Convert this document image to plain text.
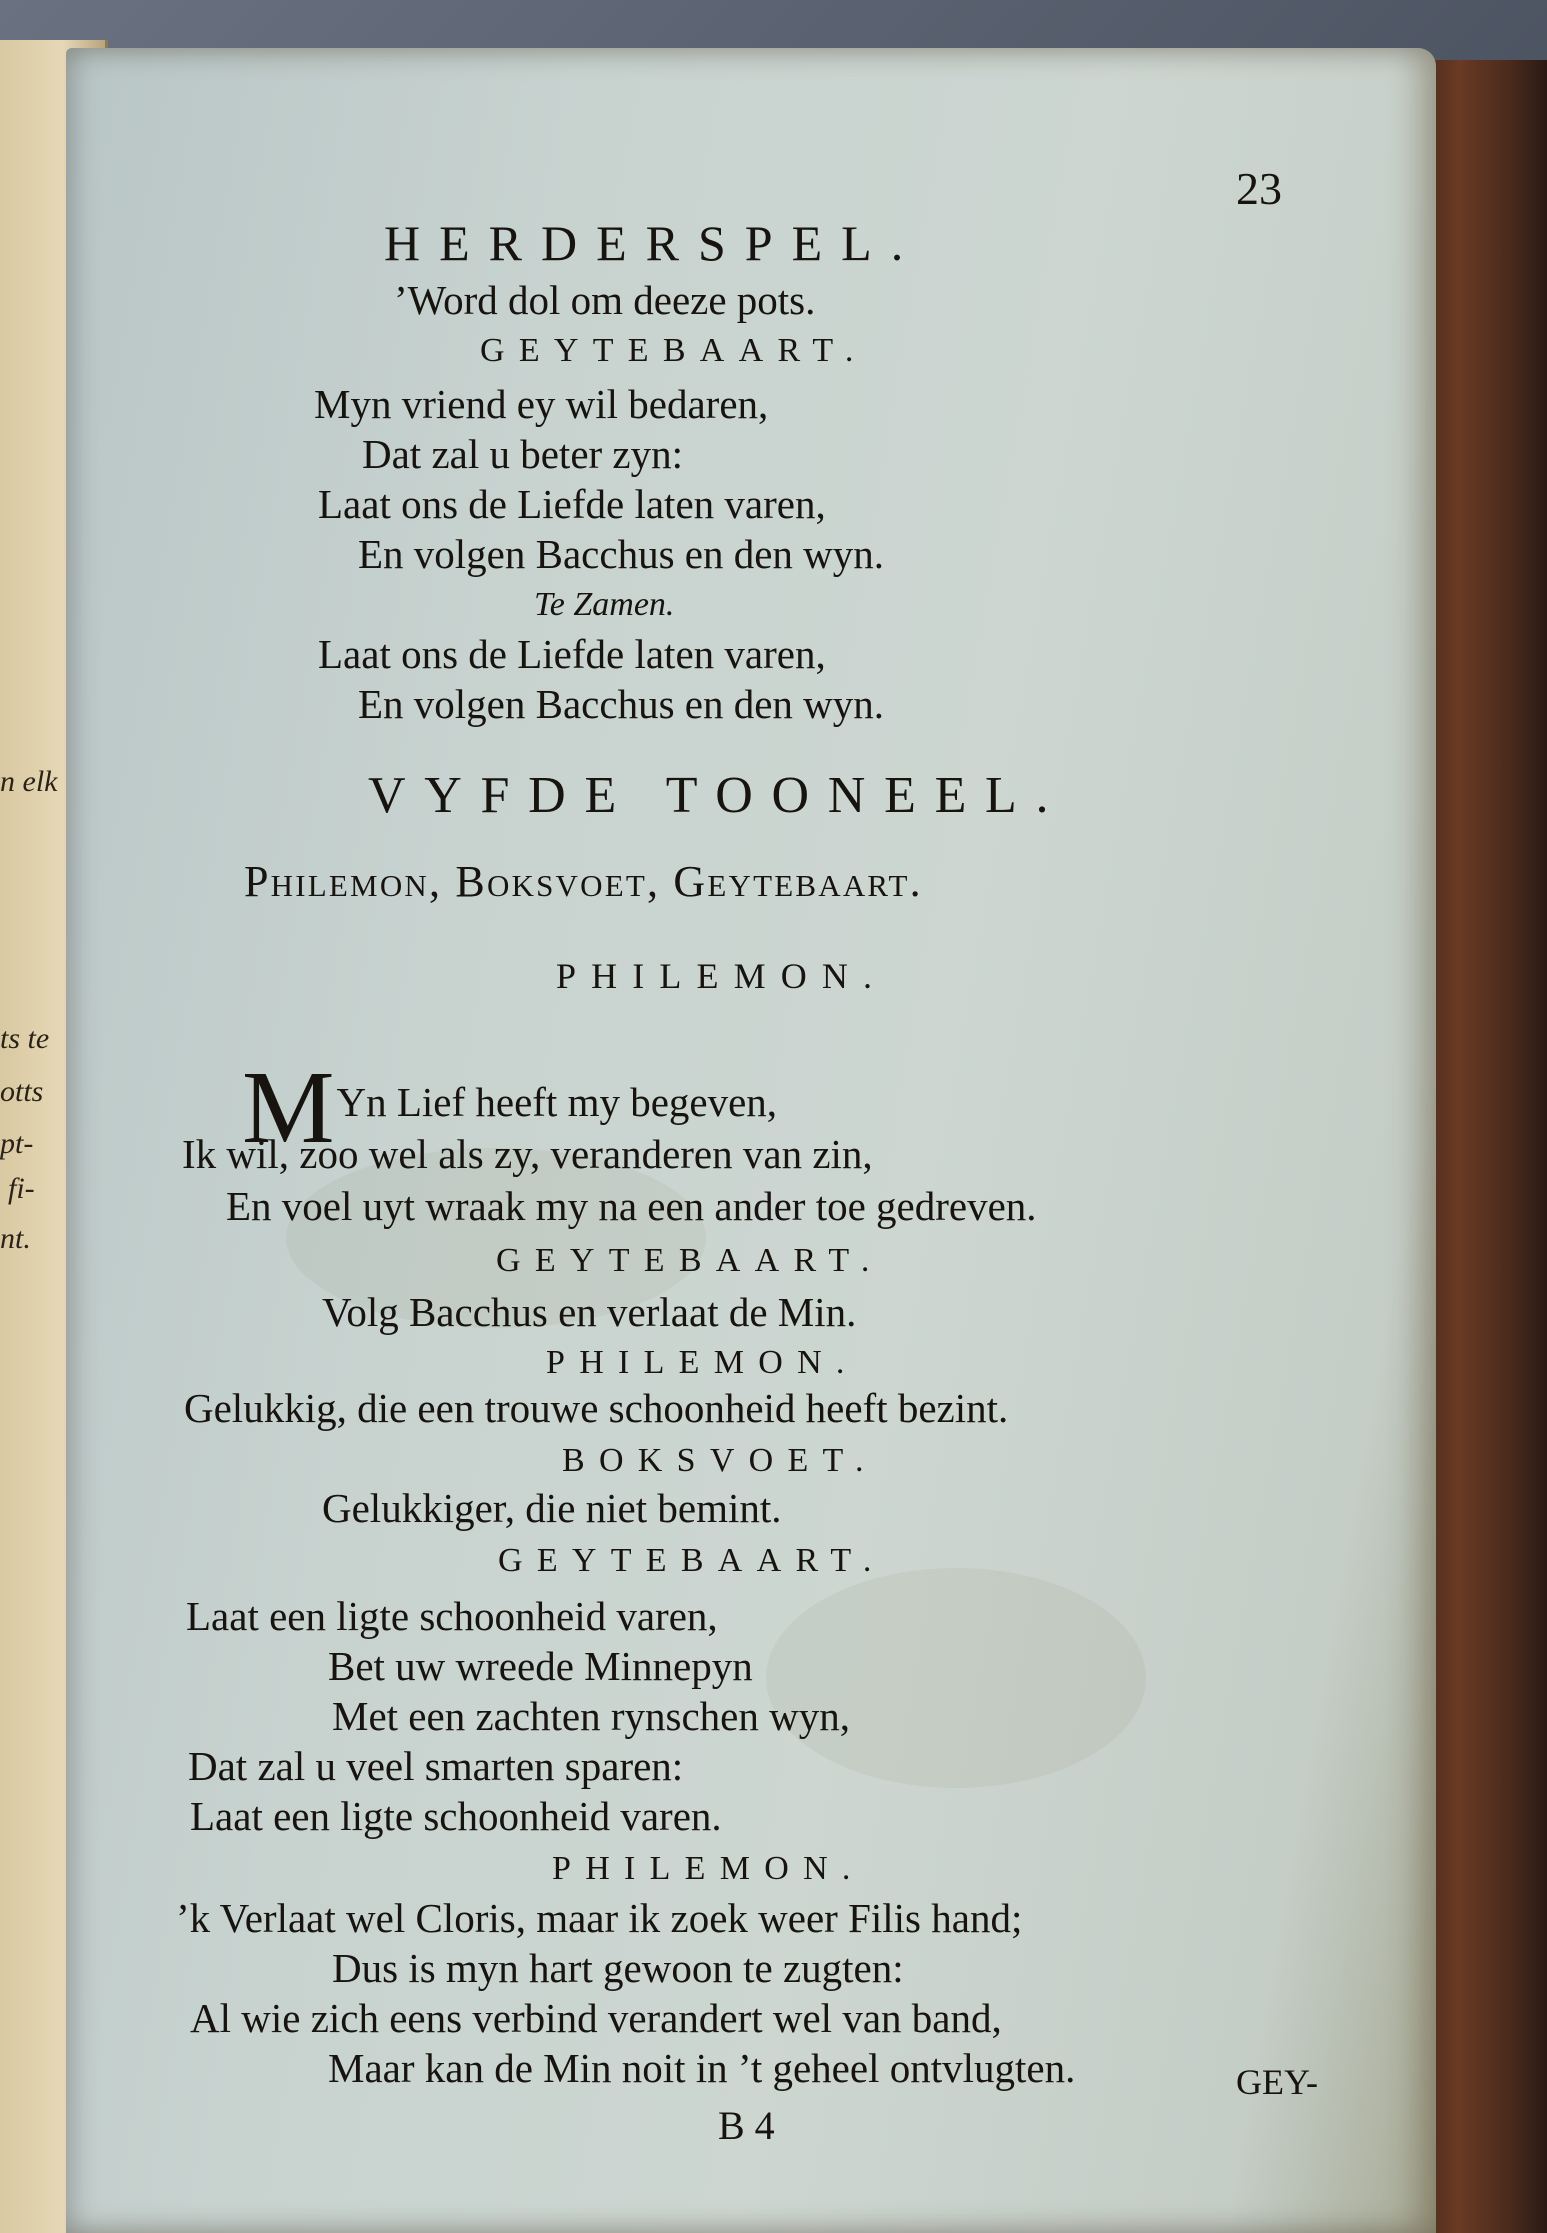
n elk
ts te
otts
pt-
fi-
nt.
HERDERSPEL.
23
’Word dol om deeze pots.
GEYTEBAART.
Myn vriend ey wil bedaren,
Dat zal u beter zyn:
Laat ons de Liefde laten varen,
En volgen Bacchus en den wyn.
Te Zamen.
Laat ons de Liefde laten varen,
En volgen Bacchus en den wyn.
VYFDE TOONEEL.
Philemon, Boksvoet, Geytebaart.
PHILEMON.
MYn Lief heeft my begeven,
Ik wil, zoo wel als zy, veranderen van zin,
En voel uyt wraak my na een ander toe gedreven.
GEYTEBAART.
Volg Bacchus en verlaat de Min.
PHILEMON.
Gelukkig, die een trouwe schoonheid heeft bezint.
BOKSVOET.
Gelukkiger, die niet bemint.
GEYTEBAART.
Laat een ligte schoonheid varen,
Bet uw wreede Minnepyn
Met een zachten rynschen wyn,
Dat zal u veel smarten sparen:
Laat een ligte schoonheid varen.
PHILEMON.
’k Verlaat wel Cloris, maar ik zoek weer Filis hand;
Dus is myn hart gewoon te zugten:
Al wie zich eens verbind verandert wel van band,
Maar kan de Min noit in ’t geheel ontvlugten.
B 4
GEY-
